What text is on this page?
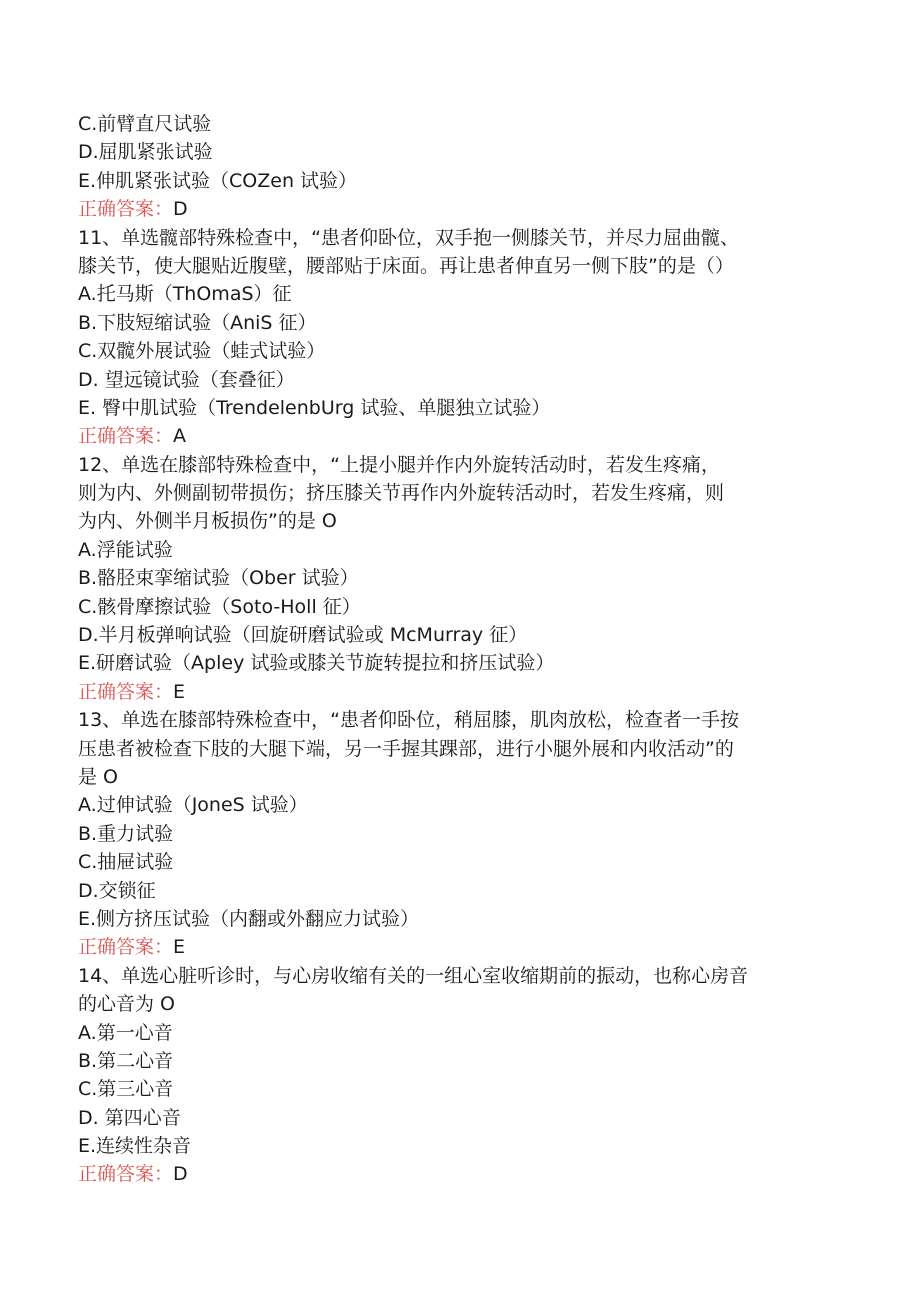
C.前臂直尺试验
D.屈肌紧张试验
E.伸肌紧张试验（COZen 试验）
正确答案：D
11、单选髋部特殊检查中，“患者仰卧位，双手抱一侧膝关节，并尽力屈曲髋、
膝关节，使大腿贴近腹壁，腰部贴于床面。再让患者伸直另一侧下肢”的是（）
A.托马斯（ThOmaS）征
B.下肢短缩试验（AniS 征）
C.双髋外展试验（蛙式试验）
D. 望远镜试验（套叠征）
E. 臀中肌试验（TrendelenbUrg 试验、单腿独立试验）
正确答案：A
12、单选在膝部特殊检查中，“上提小腿并作内外旋转活动时，若发生疼痛，
则为内、外侧副韧带损伤；挤压膝关节再作内外旋转活动时，若发生疼痛，则
为内、外侧半月板损伤”的是 O
A.浮能试验
B.骼胫束挛缩试验（Ober 试验）
C.骸骨摩擦试验（Soto-Holl 征）
D.半月板弹响试验（回旋研磨试验或 McMurray 征）
E.研磨试验（Apley 试验或膝关节旋转提拉和挤压试验）
正确答案：E
13、单选在膝部特殊检查中，“患者仰卧位，稍屈膝，肌肉放松，检查者一手按
压患者被检查下肢的大腿下端，另一手握其踝部，进行小腿外展和内收活动”的
是 O
A.过伸试验（JoneS 试验）
B.重力试验
C.抽屉试验
D.交锁征
E.侧方挤压试验（内翻或外翻应力试验）
正确答案：E
14、单选心脏听诊时，与心房收缩有关的一组心室收缩期前的振动，也称心房音
的心音为 O
A.第一心音
B.第二心音
C.第三心音
D. 第四心音
E.连续性杂音
正确答案：D
